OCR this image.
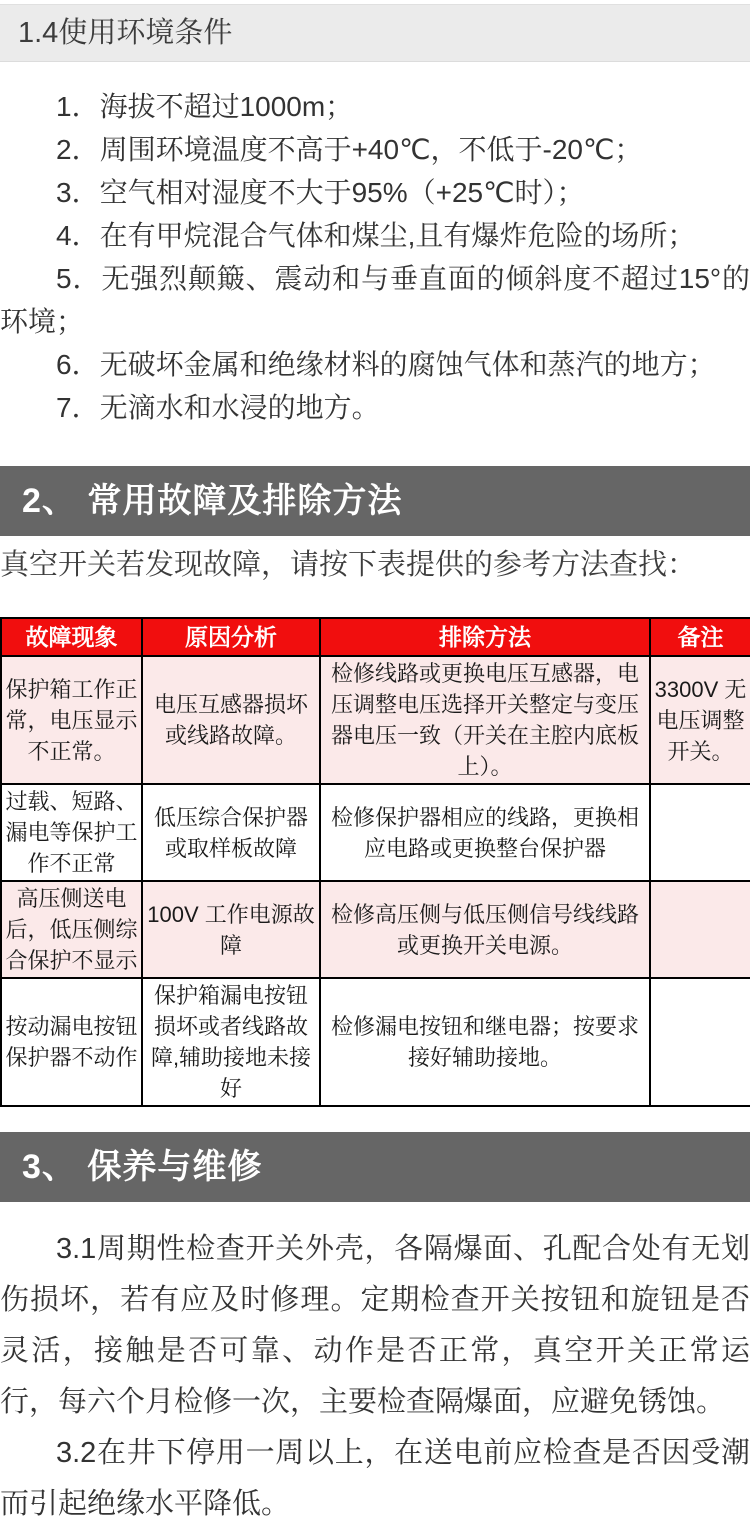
1.4使用环境条件

1．海拔不超过1000m；

2．周围环境温度不高于+40℃，不低于-20℃；

3．空气相对湿度不大于95%（+25℃时）；

4．在有甲烷混合气体和煤尘,且有爆炸危险的场所；

5．无强烈颠簸、震动和与垂直面的倾斜度不超过15°的环境；

6．无破坏金属和绝缘材料的腐蚀气体和蒸汽的地方；

7．无滴水和水浸的地方。

2、 常用故障及排除方法
真空开关若发现故障，请按下表提供的参考方法查找：
故障现象	原因分析	排除方法	备注
保护箱工作正常，电压显示不正常。	电压互感器损坏或线路故障。	检修线路或更换电压互感器，电压调整电压选择开关整定与变压器电压一致（开关在主腔内底板上）。	3300V 无电压调整开关。
过载、短路、漏电等保护工作不正常	低压综合保护器或取样板故障	检修保护器相应的线路，更换相应电路或更换整台保护器	
高压侧送电后，低压侧综合保护不显示	100V 工作电源故障	检修高压侧与低压侧信号线线路或更换开关电源。	
按动漏电按钮保护器不动作	保护箱漏电按钮损坏或者线路故障,辅助接地未接好	检修漏电按钮和继电器；按要求接好辅助接地。	
3、 保养与维修

3.1周期性检查开关外壳，各隔爆面、孔配合处有无划伤损坏，若有应及时修理。定期检查开关按钮和旋钮是否灵活，接触是否可靠、动作是否正常，真空开关正常运行，每六个月检修一次，主要检查隔爆面，应避免锈蚀。

3.2在井下停用一周以上，在送电前应检查是否因受潮而引起绝缘水平降低。
